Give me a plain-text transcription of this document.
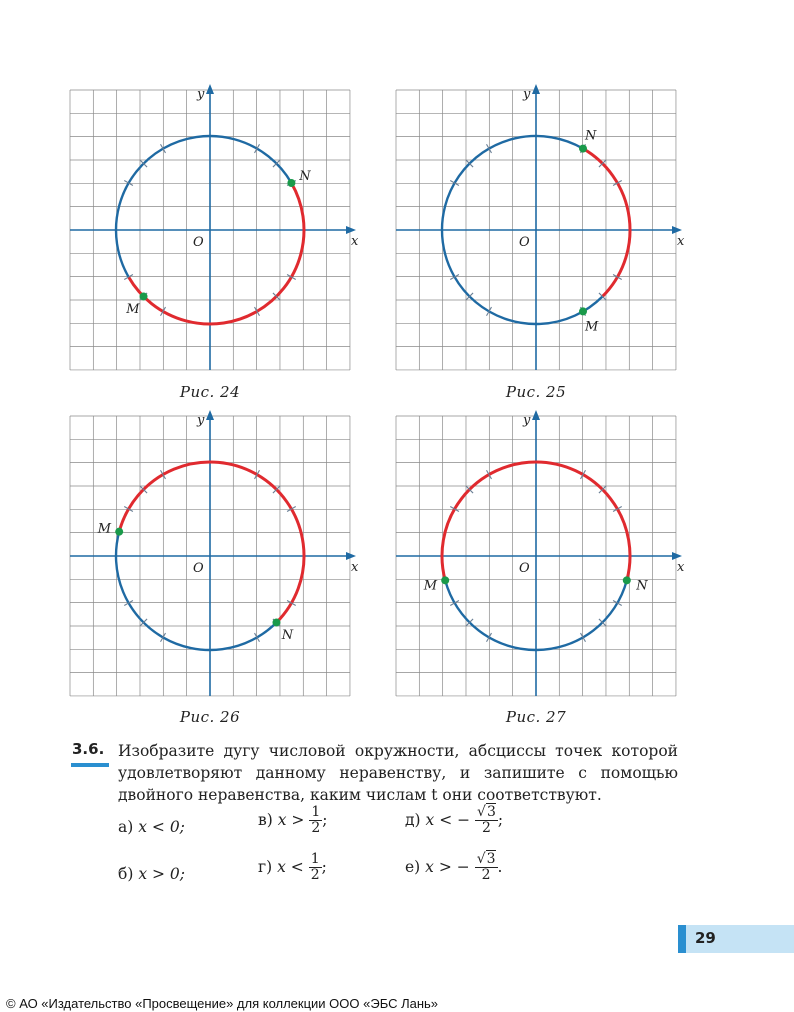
x
y
O
M
N
Рис. 24
x
y
O
M
N
Рис. 25
x
y
O
M
N
Рис. 26
x
y
O
M	N
Рис. 27
3.6. Изобразите дугу числовой окружности, абсциссы точек которой удовлетворяют данному неравенству, и запишите с помощью двойного неравенства, каким числам t они соответствуют.
а) x < 0;
б) x > 0;
в) $x > \frac{1}{2}$ ;
г) $x < \frac{1}{2}$ ;
д) x < − $\frac{√3}{2}$ ;
е) x > − $\frac{√3}{2}$ .
29
© АО «Издательство «Просвещение» для коллекции ООО «ЭБС Лань»
